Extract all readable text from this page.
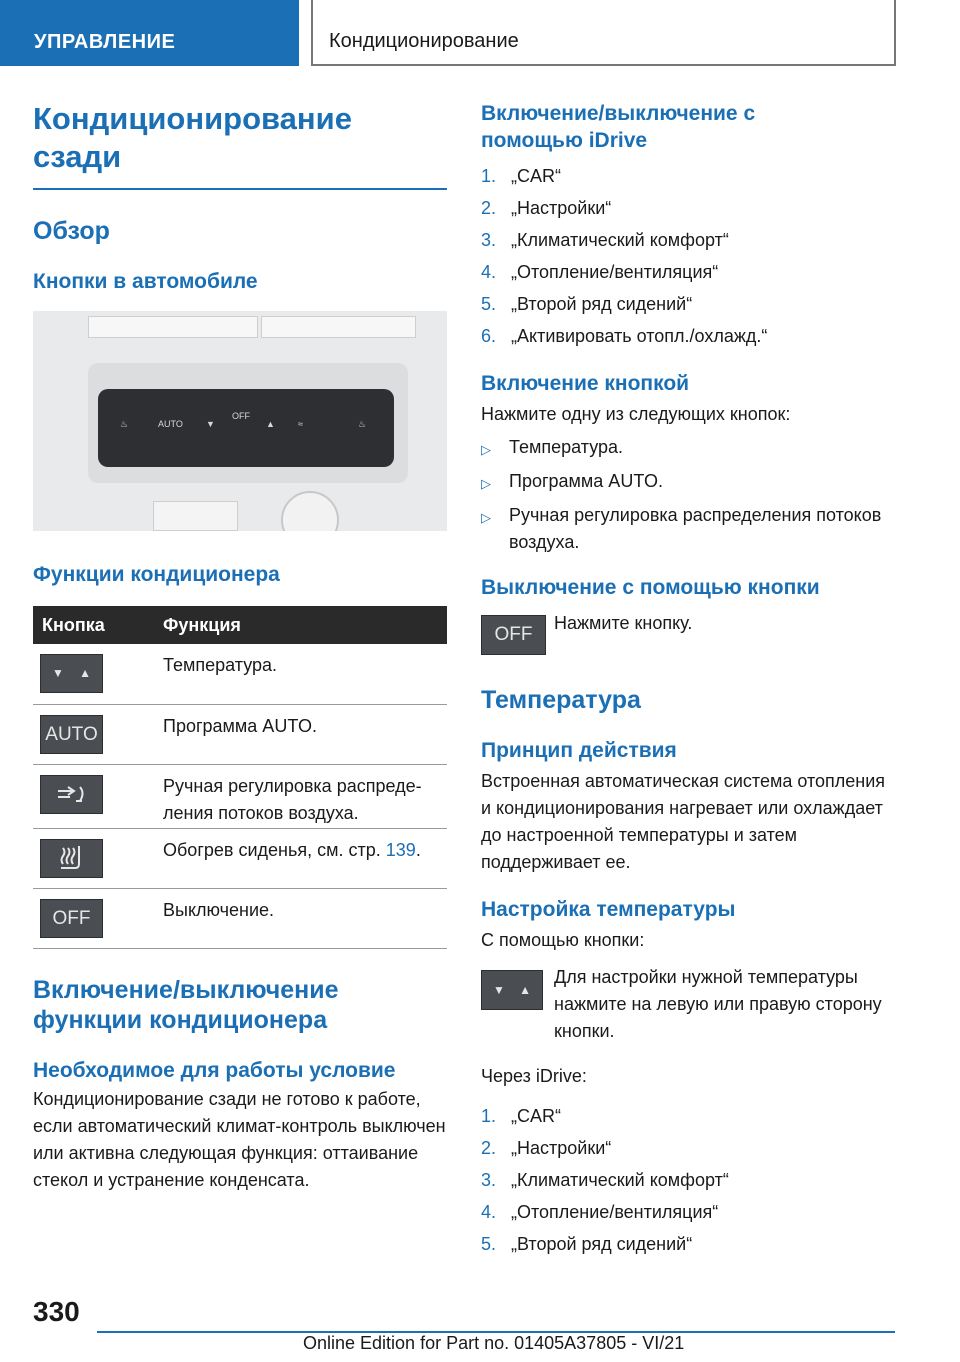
УПРАВЛЕНИЕ	Кондиционирование
Кондиционирование сзади
Обзор
Кнопки в автомобиле
♨	AUTO	▼
OFF
▲	≈	♨
Функции кондиционера
Кнопка	Функция

▼ ▲	Температура.
AUTO	Программа AUTO.

	Ручная регулировка распределения потоков воздуха.

	Обогрев сиденья, см. стр. 139.
OFF	Выключение.
Включение/выключение функции кондиционера
Необходимое для работы условие

Кондиционирование сзади не готово к работе, если автоматический климат-контроль выключен или активна следующая функция: оттаивание стекол и устранение конденсата.

Включение/выключение с помощью iDrive
1. „CAR“
2. „Настройки“
3. „Климатический комфорт“
4. „Отопление/вентиляция“
5. „Второй ряд сидений“
6. „Активировать отопл./охлажд.“
Включение кнопкой

Нажмите одну из следующих кнопок:

▷	Температура.
▷	Программа AUTO.
▷	Ручная регулировка распределения потоков воздуха.
Выключение с помощью кнопки
OFF

Нажмите кнопку.

Температура
Принцип действия

Встроенная автоматическая система отопления и кондиционирования нагревает или охлаждает до настроенной температуры и затем поддерживает ее.

Настройка температуры

С помощью кнопки:

▼ ▲

Для настройки нужной температуры нажмите на левую или правую сторону кнопки.

Через iDrive:

1. „CAR“
2. „Настройки“
3. „Климатический комфорт“
4. „Отопление/вентиляция“
5. „Второй ряд сидений“
330
Online Edition for Part no. 01405A37805 - VI/21
